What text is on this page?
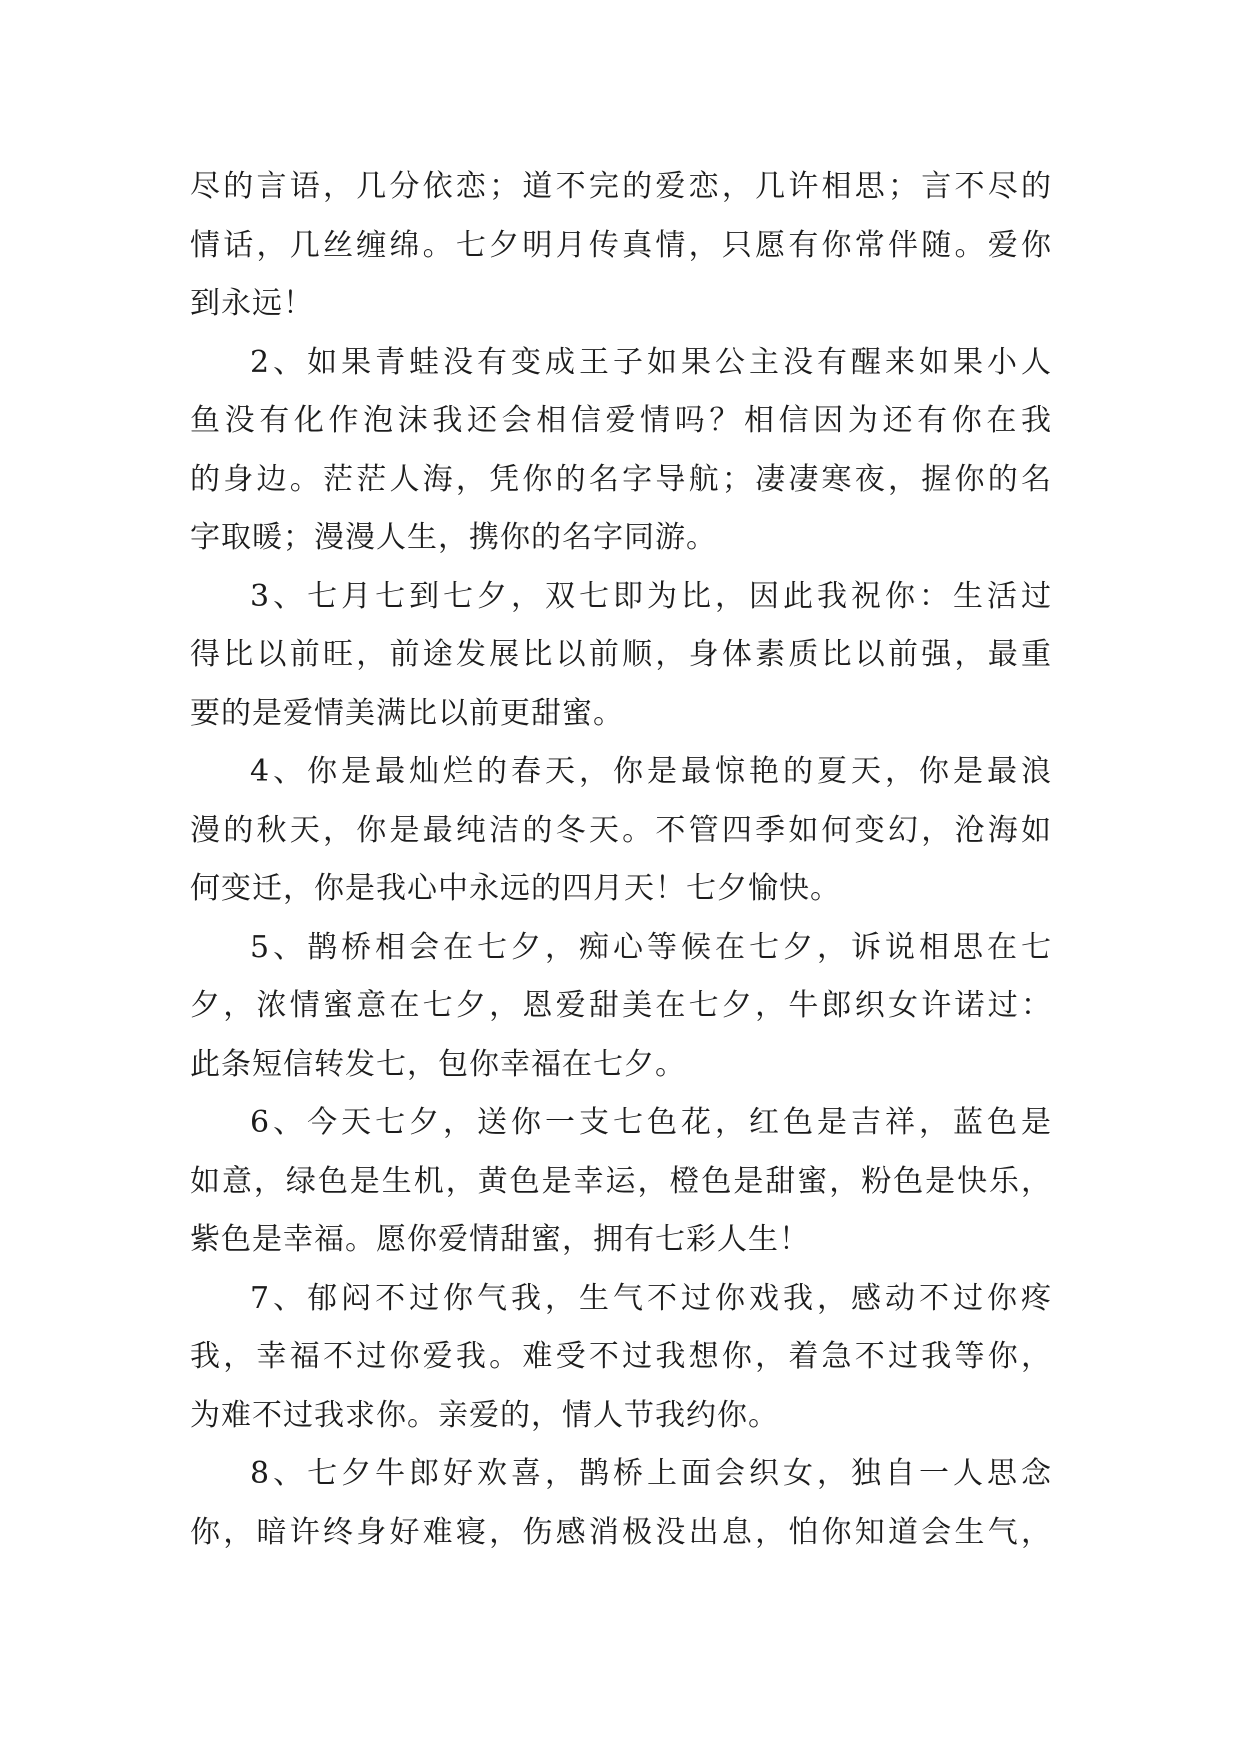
尽的言语，几分依恋；道不完的爱恋，几许相思；言不尽的
情话，几丝缠绵。七夕明月传真情，只愿有你常伴随。爱你
到永远！
2、如果青蛙没有变成王子如果公主没有醒来如果小人
鱼没有化作泡沫我还会相信爱情吗？相信因为还有你在我
的身边。茫茫人海，凭你的名字导航；凄凄寒夜，握你的名
字取暖；漫漫人生，携你的名字同游。
3、七月七到七夕，双七即为比，因此我祝你：生活过
得比以前旺，前途发展比以前顺，身体素质比以前强，最重
要的是爱情美满比以前更甜蜜。
4、你是最灿烂的春天，你是最惊艳的夏天，你是最浪
漫的秋天，你是最纯洁的冬天。不管四季如何变幻，沧海如
何变迁，你是我心中永远的四月天！七夕愉快。
5、鹊桥相会在七夕，痴心等候在七夕，诉说相思在七
夕，浓情蜜意在七夕，恩爱甜美在七夕，牛郎织女许诺过：
此条短信转发七，包你幸福在七夕。
6、今天七夕，送你一支七色花，红色是吉祥，蓝色是
如意，绿色是生机，黄色是幸运，橙色是甜蜜，粉色是快乐，
紫色是幸福。愿你爱情甜蜜，拥有七彩人生！
7、郁闷不过你气我，生气不过你戏我，感动不过你疼
我，幸福不过你爱我。难受不过我想你，着急不过我等你，
为难不过我求你。亲爱的，情人节我约你。
8、七夕牛郎好欢喜，鹊桥上面会织女，独自一人思念
你，暗许终身好难寝，伤感消极没出息，怕你知道会生气，
